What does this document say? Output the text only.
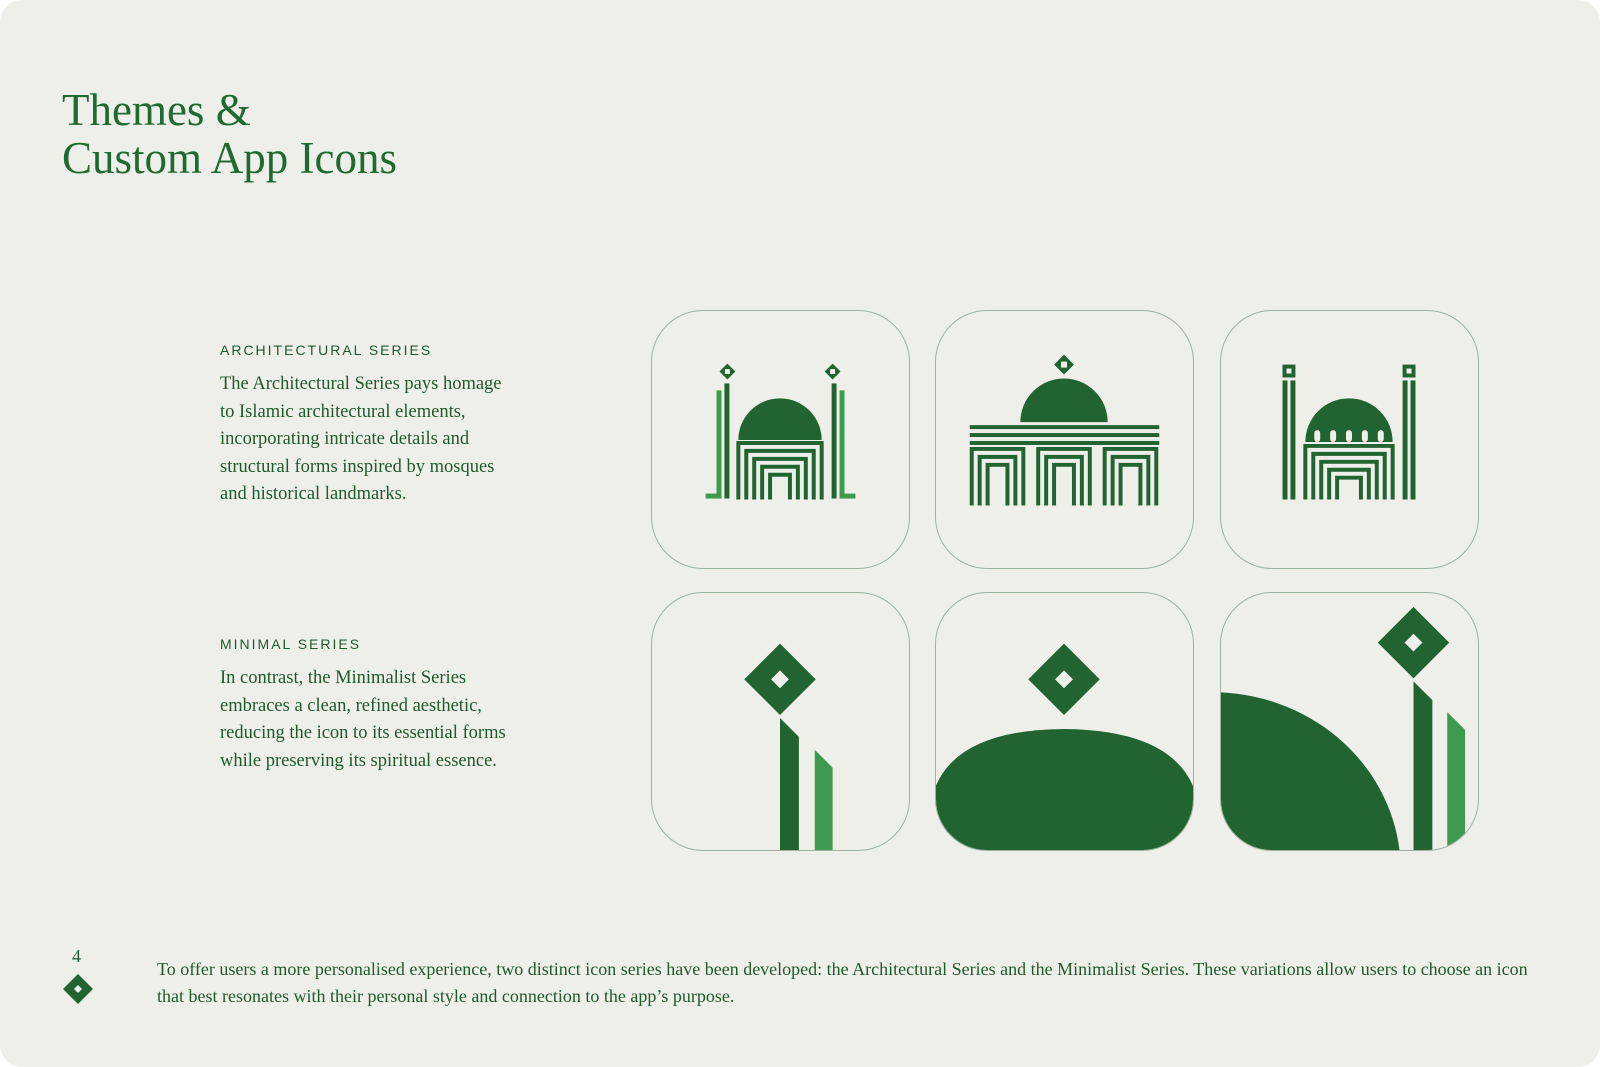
Themes &
Custom App Icons
ARCHITECTURAL SERIES

The Architectural Series pays homage to Islamic architectural elements, incorporating intricate details and structural forms inspired by mosques and historical landmarks.

MINIMAL SERIES

In contrast, the Minimalist Series embraces a clean, refined aesthetic, reducing the icon to its essential forms while preserving its spiritual essence.

4

To offer users a more personalised experience, two distinct icon series have been developed: the Architectural Series and the Minimalist Series. These variations allow users to choose an icon that best resonates with their personal style and connection to the app’s purpose.
